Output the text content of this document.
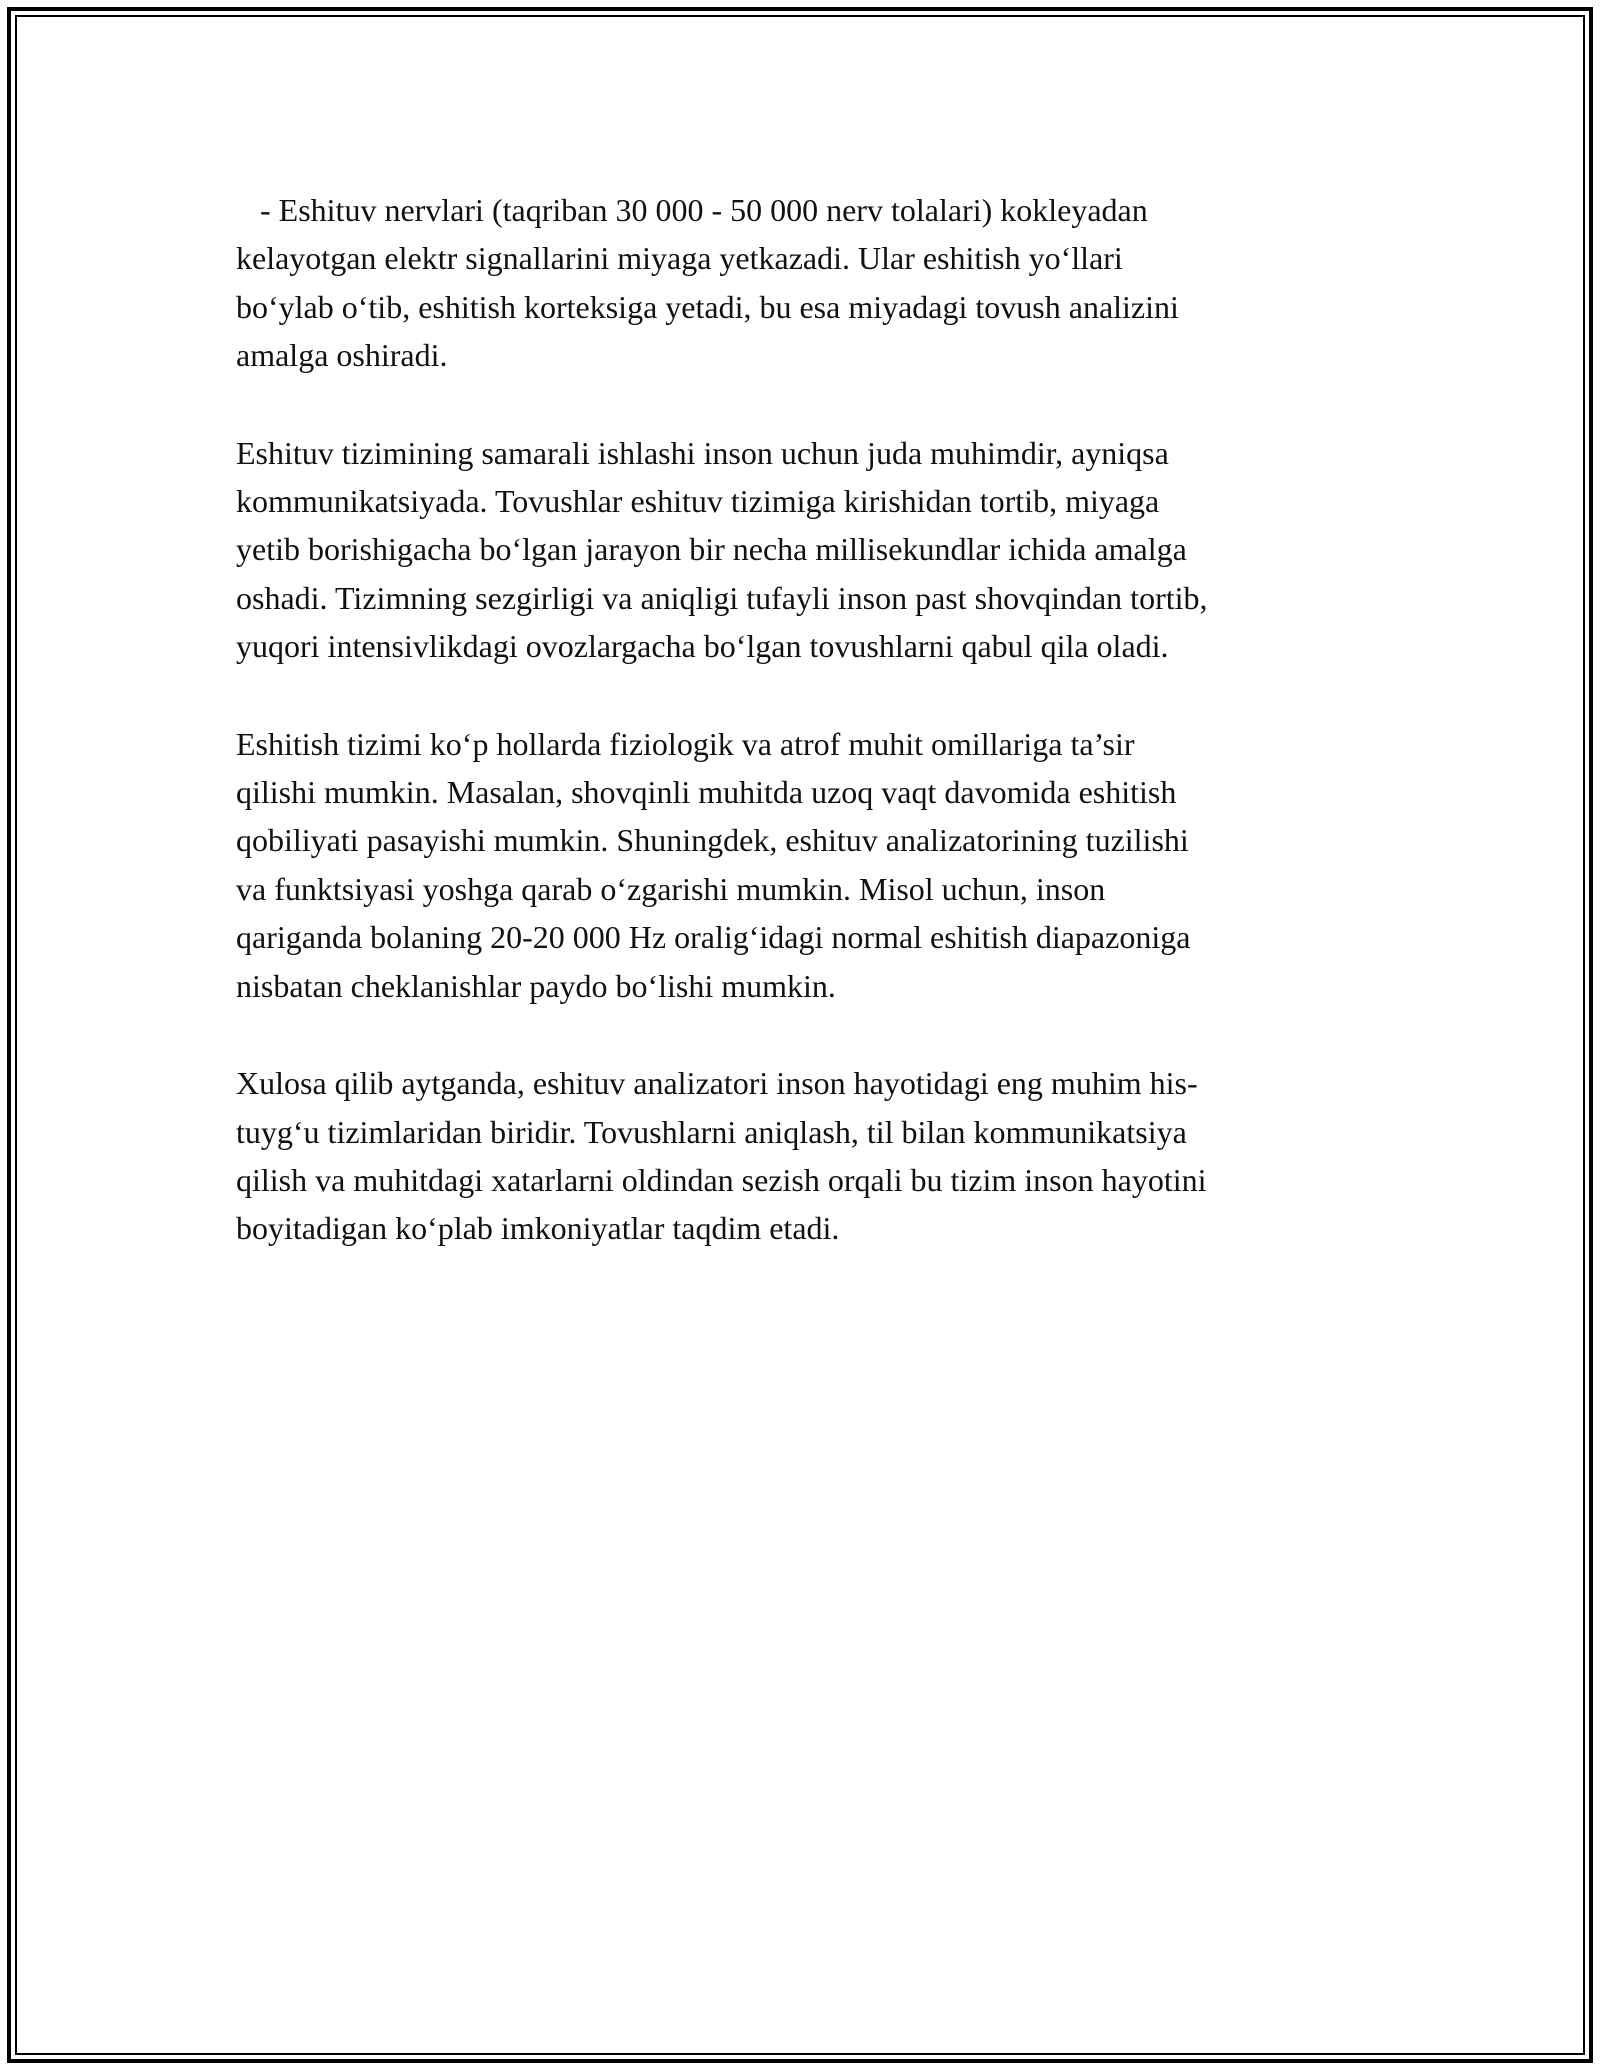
- Eshituv nervlari (taqriban 30 000 - 50 000 nerv tolalari) kokleyadan
kelayotgan elektr signallarini miyaga yetkazadi. Ular eshitish yo‘llari
bo‘ylab o‘tib, eshitish korteksiga yetadi, bu esa miyadagi tovush analizini
amalga oshiradi.

Eshituv tizimining samarali ishlashi inson uchun juda muhimdir, ayniqsa
kommunikatsiyada. Tovushlar eshituv tizimiga kirishidan tortib, miyaga
yetib borishigacha bo‘lgan jarayon bir necha millisekundlar ichida amalga
oshadi. Tizimning sezgirligi va aniqligi tufayli inson past shovqindan tortib,
yuqori intensivlikdagi ovozlargacha bo‘lgan tovushlarni qabul qila oladi.

Eshitish tizimi ko‘p hollarda fiziologik va atrof muhit omillariga ta’sir
qilishi mumkin. Masalan, shovqinli muhitda uzoq vaqt davomida eshitish
qobiliyati pasayishi mumkin. Shuningdek, eshituv analizatorining tuzilishi
va funktsiyasi yoshga qarab o‘zgarishi mumkin. Misol uchun, inson
qariganda bolaning 20-20 000 Hz oralig‘idagi normal eshitish diapazoniga
nisbatan cheklanishlar paydo bo‘lishi mumkin.

Xulosa qilib aytganda, eshituv analizatori inson hayotidagi eng muhim his-
tuyg‘u tizimlaridan biridir. Tovushlarni aniqlash, til bilan kommunikatsiya
qilish va muhitdagi xatarlarni oldindan sezish orqali bu tizim inson hayotini
boyitadigan ko‘plab imkoniyatlar taqdim etadi.
